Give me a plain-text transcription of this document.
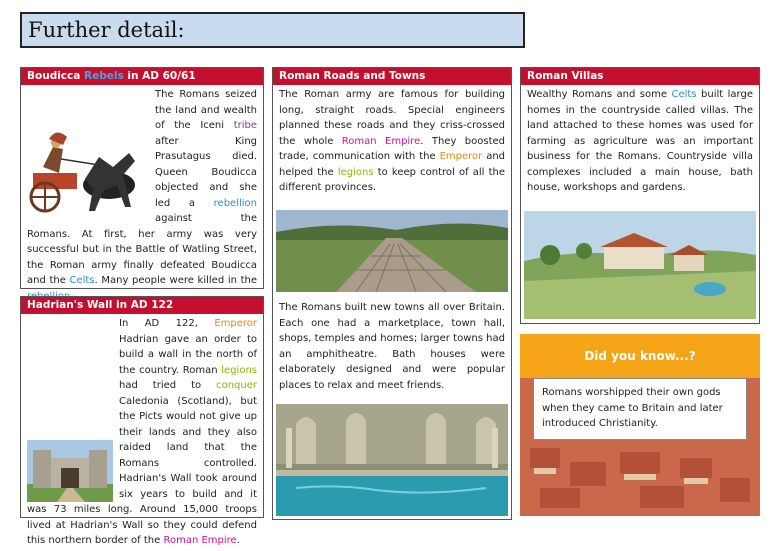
Further detail:
Boudicca Rebels in AD 60/61
The Romans seized the land and wealth of the Iceni tribe after King Prasutagus died. Queen Boudicca objected and she led a rebellion against the Romans. At first, her army was very successful but in the Battle of Watling Street, the Roman army finally defeated Boudicca and the Celts. Many people were killed in the
Hadrian's Wall in AD 122
In AD 122, Emperor Hadrian gave an order to build a wall in the north of the country. Roman legions had tried to conquer Caledonia (Scotland), but the Picts would not give up their lands and they also raided land that the Romans controlled. Hadrian's Wall took around six years to build and it was 73 miles long. Around 15,000 troops lived at Hadrian's Wall so they could defend this northern border of the Roman Empire.
Roman Roads and Towns
The Roman army are famous for building long, straight roads. Special engineers planned these roads and they criss-crossed the whole Roman Empire. They boosted trade, communication with the Emperor and helped the legions to keep control of all the different provinces.
The Romans built new towns all over Britain. Each one had a marketplace, town hall, shops, temples and homes; larger towns had an amphitheatre. Bath houses were elaborately designed and were popular places to relax and meet friends.
Roman Villas
Wealthy Romans and some Celts built large homes in the countryside called villas. The land attached to these homes was used for farming as agriculture was an important business for the Romans. Countryside villa complexes included a main house, bath house, workshops and gardens.
Did you know...?
Romans worshipped their own gods when they came to Britain and later introduced Christianity.
